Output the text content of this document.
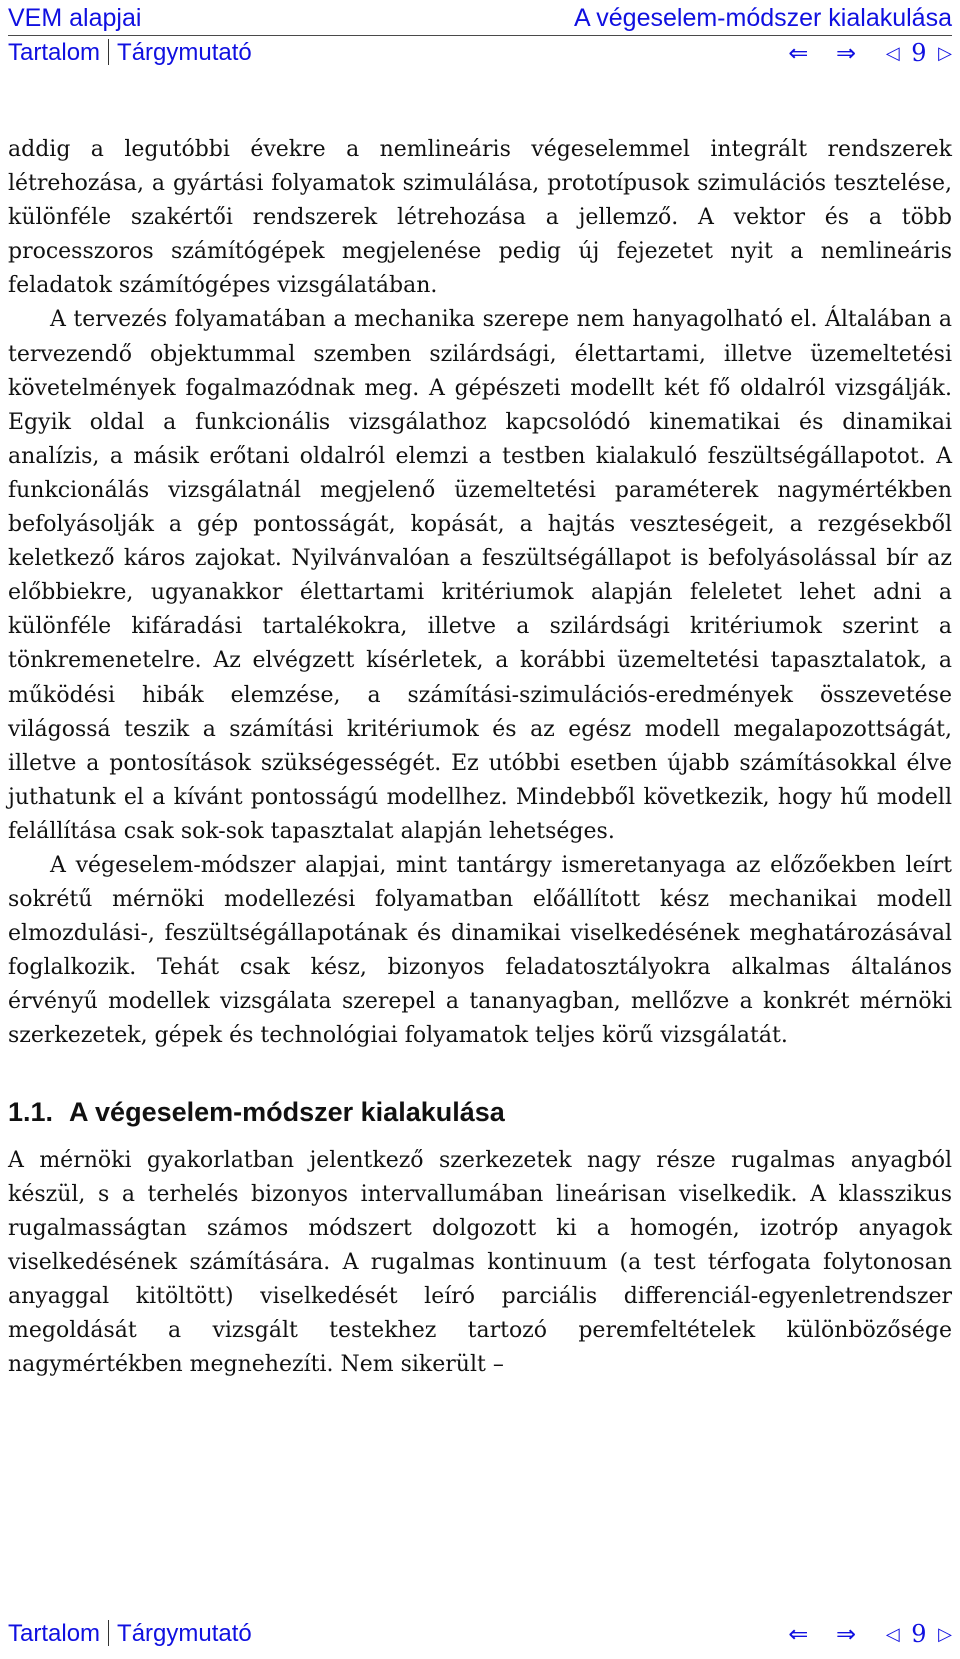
VEM alapjai	A végeselem-módszer kialakulása
Tartalom Tárgymutató	⇐ ⇒ ◁ 9 ▷

addig a legutóbbi évekre a nemlineáris végeselemmel integrált rendszerek létrehozása, a gyártási folyamatok szimulálása, prototípusok szimulációs tesztelése, különféle szakértői rendszerek létrehozása a jellemző. A vektor és a több processzoros számítógépek megjelenése pedig új fejezetet nyit a nemlineáris feladatok számítógépes vizsgálatában.

A tervezés folyamatában a mechanika szerepe nem hanyagolható el. Általában a tervezendő objektummal szemben szilárdsági, élettartami, illetve üzemeltetési követelmények fogalmazódnak meg. A gépészeti modellt két fő oldalról vizsgálják. Egyik oldal a funkcionális vizsgálathoz kapcsolódó kinematikai és dinamikai analízis, a másik erőtani oldalról elemzi a testben kialakuló feszültségállapotot. A funkcionálás vizsgálatnál megjelenő üzemeltetési paraméterek nagymértékben befolyásolják a gép pontosságát, kopását, a hajtás veszteségeit, a rezgésekből keletkező káros zajokat. Nyilvánvalóan a feszültségállapot is befolyásolással bír az előbbiekre, ugyanakkor élettartami kritériumok alapján feleletet lehet adni a különféle kifáradási tartalékokra, illetve a szilárdsági kritériumok szerint a tönkremenetelre. Az elvégzett kísérletek, a korábbi üzemeltetési tapasztalatok, a működési hibák elemzése, a számítási-szimulációs-eredmények összevetése világossá teszik a számítási kritériumok és az egész modell megalapozottságát, illetve a pontosítások szükségességét. Ez utóbbi esetben újabb számításokkal élve juthatunk el a kívánt pontosságú modellhez. Mindebből következik, hogy hű modell felállítása csak sok-sok tapasztalat alapján lehetséges.

A végeselem-módszer alapjai, mint tantárgy ismeretanyaga az előzőekben leírt sokrétű mérnöki modellezési folyamatban előállított kész mechanikai modell elmozdulási-, feszültségállapotának és dinamikai viselkedésének meghatározásával foglalkozik. Tehát csak kész, bizonyos feladatosztályokra alkalmas általános érvényű modellek vizsgálata szerepel a tananyagban, mellőzve a konkrét mérnöki szerkezetek, gépek és technológiai folyamatok teljes körű vizsgálatát.

1.1. A végeselem-módszer kialakulása

A mérnöki gyakorlatban jelentkező szerkezetek nagy része rugalmas anyagból készül, s a terhelés bizonyos intervallumában lineárisan viselkedik. A klasszikus rugalmasságtan számos módszert dolgozott ki a homogén, izotróp anyagok viselkedésének számítására. A rugalmas kontinuum (a test térfogata folytonosan anyaggal kitöltött) viselkedését leíró parciális differenciál-egyenletrendszer megoldását a vizsgált testekhez tartozó peremfeltételek különbözősége nagymértékben megnehezíti. Nem sikerült –

Tartalom Tárgymutató	⇐ ⇒ ◁ 9 ▷
